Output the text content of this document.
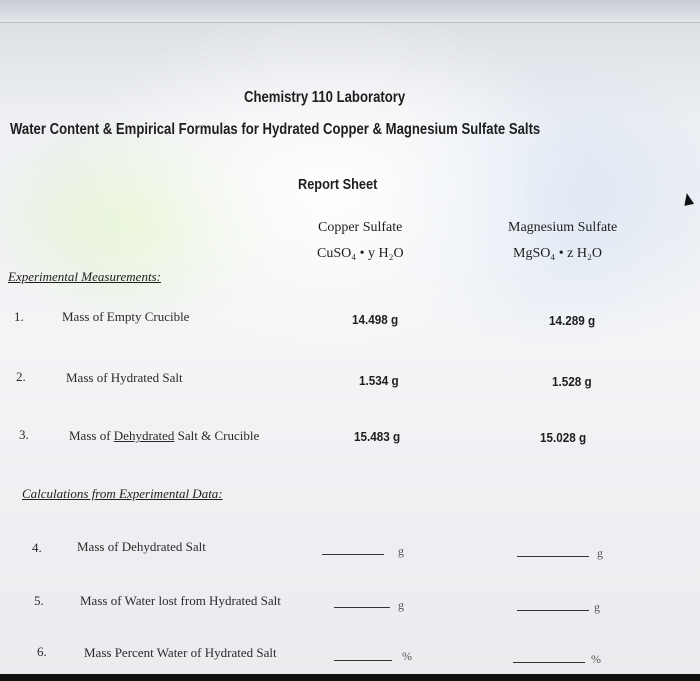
Chemistry 110 Laboratory
Water Content & Empirical Formulas for Hydrated Copper & Magnesium Sulfate Salts
Report Sheet
Copper Sulfate
CuSO₄ • y H₂O
Magnesium Sulfate
MgSO₄ • z H₂O
Experimental Measurements:
1.	Mass of Empty Crucible	14.498 g	14.289 g
2.	Mass of Hydrated Salt	1.534 g	1.528 g
3.	Mass of Dehydrated Salt & Crucible	15.483 g	15.028 g
Calculations from Experimental Data:
4.	Mass of Dehydrated Salt	g	g
5.	Mass of Water lost from Hydrated Salt	g	g
6.	Mass Percent Water of Hydrated Salt	%	%
